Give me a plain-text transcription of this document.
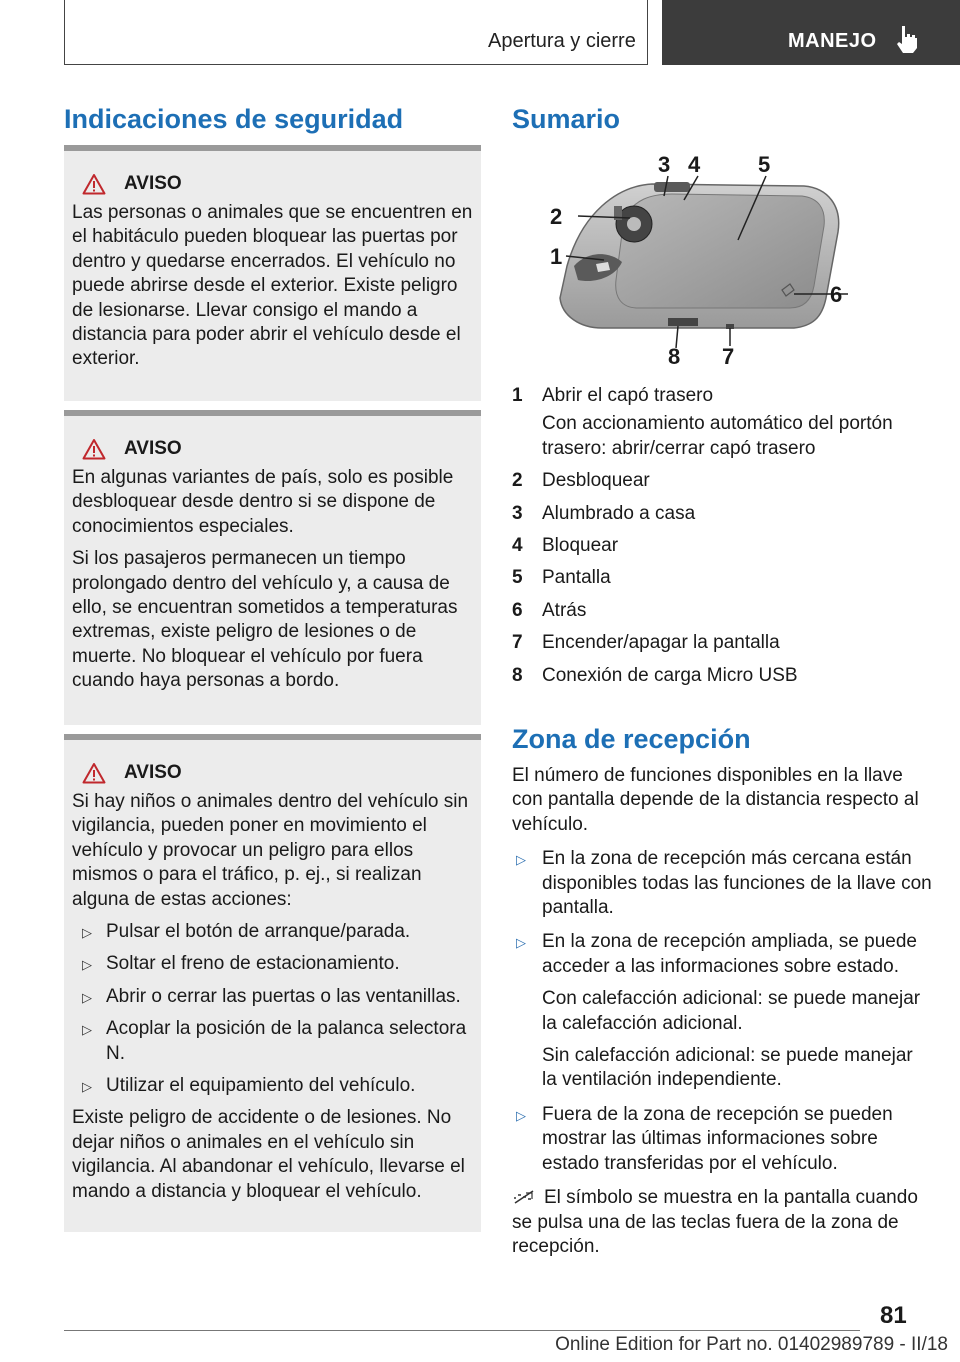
Apertura y cierre	MANEJO
Indicaciones de seguridad
AVISO

Las personas o animales que se encuentren en el habitáculo pueden bloquear las puertas por dentro y quedarse encerrados. El vehículo no puede abrirse desde el exterior. Existe peligro de lesionarse. Llevar consigo el mando a distancia para poder abrir el vehículo desde el exterior.

AVISO

En algunas variantes de país, solo es posible desbloquear desde dentro si se dispone de conocimientos especiales.

Si los pasajeros permanecen un tiempo prolongado dentro del vehículo y, a causa de ello, se encuentran sometidos a temperaturas extremas, existe peligro de lesiones o de muerte. No bloquear el vehículo por fuera cuando haya personas a bordo.

AVISO

Si hay niños o animales dentro del vehículo sin vigilancia, pueden poner en movimiento el vehículo y provocar un peligro para ellos mismos o para el tráfico, p. ej., si realizan alguna de estas acciones:

▷ Pulsar el botón de arranque/parada.
▷ Soltar el freno de estacionamiento.
▷ Abrir o cerrar las puertas o las ventanillas.
▷ Acoplar la posición de la palanca selectora N.
▷ Utilizar el equipamiento del vehículo.

Existe peligro de accidente o de lesiones. No dejar niños o animales en el vehículo sin vigilancia. Al abandonar el vehículo, llevarse el mando a distancia y bloquear el vehículo.

Sumario
3 4	5
2
1
6
7
8
1	Abrir el capó trasero
Con accionamiento automático del portón trasero: abrir/cerrar capó trasero
2	Desbloquear
3	Alumbrado a casa
4	Bloquear
5	Pantalla
6	Atrás
7	Encender/apagar la pantalla
8	Conexión de carga Micro USB
Zona de recepción

El número de funciones disponibles en la llave con pantalla depende de la distancia respecto al vehículo.

▷ En la zona de recepción más cercana están disponibles todas las funciones de la llave con pantalla.
▷ En la zona de recepción ampliada, se puede acceder a las informaciones sobre estado.
Con calefacción adicional: se puede manejar la calefacción adicional.
Sin calefacción adicional: se puede manejar la ventilación independiente.
▷ Fuera de la zona de recepción se pueden mostrar las últimas informaciones sobre estado transferidas por el vehículo.

El símbolo se muestra en la pantalla cuando se pulsa una de las teclas fuera de la zona de recepción.

81
Online Edition for Part no. 01402989789 - II/18
